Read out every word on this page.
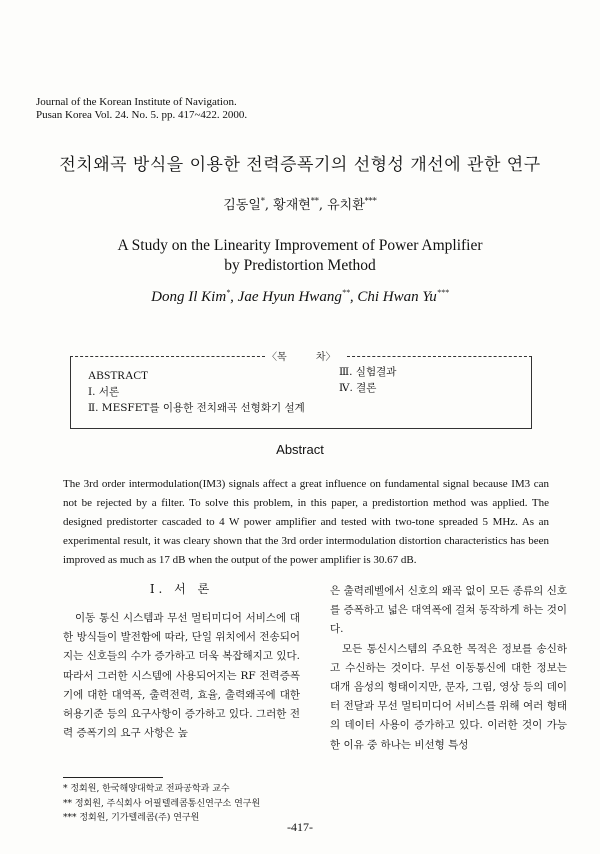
Journal of the Korean Institute of Navigation.
Pusan Korea Vol. 24. No. 5. pp. 417~422. 2000.
전치왜곡 방식을 이용한 전력증폭기의 선형성 개선에 관한 연구
김동일*, 황재현**, 유치환***
A Study on the Linearity Improvement of Power Amplifier
by Predistortion Method
Dong Il Kim*, Jae Hyun Hwang**, Chi Hwan Yu***
〈목	차〉
ABSTRACT
Ⅰ. 서론
Ⅱ. MESFET를 이용한 전치왜곡 선형화기 설계
Ⅲ. 실험결과
Ⅳ. 결론
Abstract
The 3rd order intermodulation(IM3) signals affect a great influence on fundamental signal because IM3 can not be rejected by a filter. To solve this problem, in this paper, a predistortion method was applied. The designed predistorter cascaded to 4 W power amplifier and tested with two-tone spreaded 5 MHz. As an experimental result, it was cleary shown that the 3rd order intermodulation distortion characteristics has been improved as much as 17 dB when the output of the power amplifier is 30.67 dB.
Ⅰ. 서 론

이동 통신 시스템과 무선 멀티미디어 서비스에 대한 방식들이 발전함에 따라, 단일 위치에서 전송되어지는 신호들의 수가 증가하고 더욱 복잡해지고 있다. 따라서 그러한 시스템에 사용되어지는 RF 전력증폭기에 대한 대역폭, 출력전력, 효율, 출력왜곡에 대한 허용기준 등의 요구사항이 증가하고 있다. 그러한 전력 증폭기의 요구 사항은 높

은 출력레벨에서 신호의 왜곡 없이 모든 종류의 신호를 증폭하고 넓은 대역폭에 걸쳐 동작하게 하는 것이다.

모든 통신시스템의 주요한 목적은 정보를 송신하고 수신하는 것이다. 무선 이동통신에 대한 정보는 대개 음성의 형태이지만, 문자, 그림, 영상 등의 데이터 전달과 무선 멀티미디어 서비스를 위해 여러 형태의 데이터 사용이 증가하고 있다. 이러한 것이 가능한 이유 중 하나는 비선형 특성

* 정회원, 한국해양대학교 전파공학과 교수
** 정회원, 주식회사 어필텔레콤통신연구소 연구원
*** 정회원, 기가텔레콤(주) 연구원
-417-
